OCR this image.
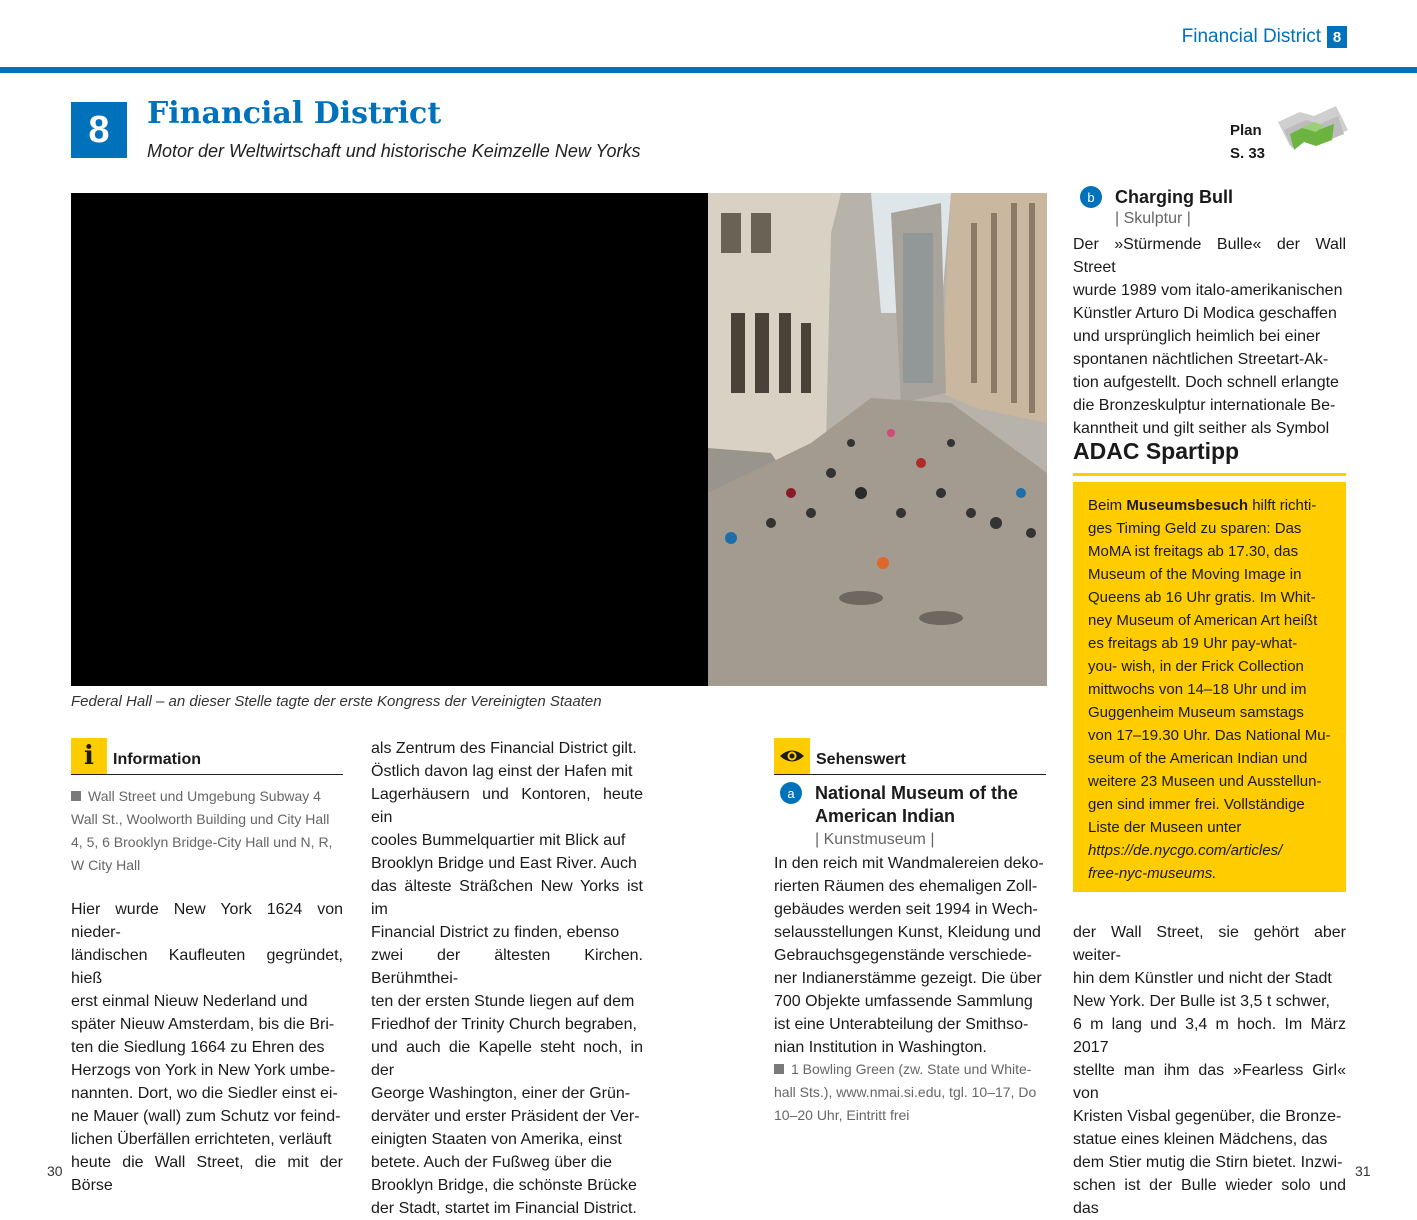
Financial District 8
8	Financial District
Motor der Weltwirtschaft und historische Keimzelle New Yorks
Plan
S. 33
Federal Hall – an dieser Stelle tagte der erste Kongress der Vereinigten Staaten
i	Information
Wall Street und Umgebung Subway 4
Wall St., Woolworth Building und City Hall
4, 5, 6 Brooklyn Bridge-City Hall und N, R,
W City Hall
Hier wurde New York 1624 von nieder-
ländischen Kaufleuten gegründet, hieß
erst einmal Nieuw Nederland und
später Nieuw Amsterdam, bis die Bri-
ten die Siedlung 1664 zu Ehren des
Herzogs von York in New York umbe-
nannten. Dort, wo die Siedler einst ei-
ne Mauer (wall) zum Schutz vor feind-
lichen Überfällen errichteten, verläuft
heute die Wall Street, die mit der Börse
als Zentrum des Financial District gilt.
Östlich davon lag einst der Hafen mit
Lagerhäusern und Kontoren, heute ein
cooles Bummelquartier mit Blick auf
Brooklyn Bridge und East River. Auch
das älteste Sträßchen New Yorks ist im
Financial District zu finden, ebenso
zwei der ältesten Kirchen. Berühmthei-
ten der ersten Stunde liegen auf dem
Friedhof der Trinity Church begraben,
und auch die Kapelle steht noch, in der
George Washington, einer der Grün-
derväter und erster Präsident der Ver-
einigten Staaten von Amerika, einst
betete. Auch der Fußweg über die
Brooklyn Bridge, die schönste Brücke
der Stadt, startet im Financial District.
Sehenswert
a	National Museum of the
American Indian
| Kunstmuseum |
In den reich mit Wandmalereien deko-
rierten Räumen des ehemaligen Zoll-
gebäudes werden seit 1994 in Wech-
selausstellungen Kunst, Kleidung und
Gebrauchsgegenstände verschiede-
ner Indianerstämme gezeigt. Die über
700 Objekte umfassende Sammlung
ist eine Unterabteilung der Smithso-
nian Institution in Washington.
1 Bowling Green (zw. State und White-
hall Sts.), www.nmai.si.edu, tgl. 10–17, Do
10–20 Uhr, Eintritt frei
b	Charging Bull
| Skulptur |
Der »Stürmende Bulle« der Wall Street
wurde 1989 vom italo-amerikanischen
Künstler Arturo Di Modica geschaffen
und ursprünglich heimlich bei einer
spontanen nächtlichen Streetart-Ak-
tion aufgestellt. Doch schnell erlangte
die Bronzeskulptur internationale Be-
kanntheit und gilt seither als Symbol
ADAC Spartipp
Beim Museumsbesuch hilft richti-
ges Timing Geld zu sparen: Das
MoMA ist freitags ab 17.30, das
Museum of the Moving Image in
Queens ab 16 Uhr gratis. Im Whit-
ney Museum of American Art heißt
es freitags ab 19 Uhr pay-what-
you- wish, in der Frick Collection
mittwochs von 14–18 Uhr und im
Guggenheim Museum samstags
von 17–19.30 Uhr. Das National Mu-
seum of the American Indian und
weitere 23 Museen und Ausstellun-
gen sind immer frei. Vollständige
Liste der Museen unter
https://de.nycgo.com/articles/
free-nyc-museums.
der Wall Street, sie gehört aber weiter-
hin dem Künstler und nicht der Stadt
New York. Der Bulle ist 3,5 t schwer,
6 m lang und 3,4 m hoch. Im März 2017
stellte man ihm das »Fearless Girl« von
Kristen Visbal gegenüber, die Bronze-
statue eines kleinen Mädchens, das
dem Stier mutig die Stirn bietet. Inzwi-
schen ist der Bulle wieder solo und das
30	31
